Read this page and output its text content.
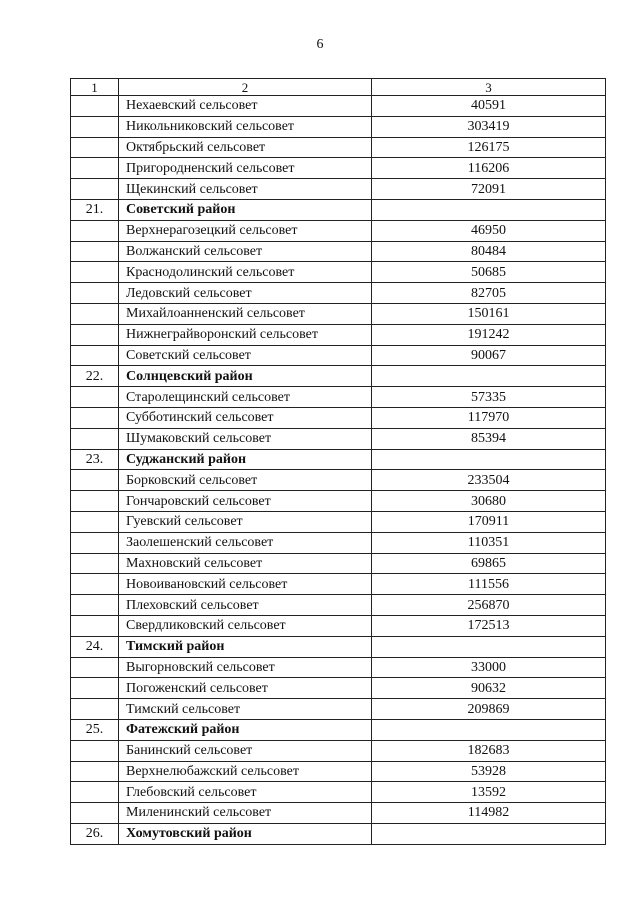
6
1	2	3
	Нехаевский сельсовет	40591
	Никольниковский сельсовет	303419
	Октябрьский сельсовет	126175
	Пригородненский сельсовет	116206
	Щекинский сельсовет	72091
21.	Советский район	
	Верхнерагозецкий сельсовет	46950
	Волжанский сельсовет	80484
	Краснодолинский сельсовет	50685
	Ледовский сельсовет	82705
	Михайлоанненский сельсовет	150161
	Нижнеграйворонский сельсовет	191242
	Советский сельсовет	90067
22.	Солнцевский район	
	Старолещинский сельсовет	57335
	Субботинский сельсовет	117970
	Шумаковский сельсовет	85394
23.	Суджанский район	
	Борковский сельсовет	233504
	Гончаровский сельсовет	30680
	Гуевский сельсовет	170911
	Заолешенский сельсовет	110351
	Махновский сельсовет	69865
	Новоивановский сельсовет	111556
	Плеховский сельсовет	256870
	Свердликовский сельсовет	172513
24.	Тимский район	
	Выгорновский сельсовет	33000
	Погоженский сельсовет	90632
	Тимский сельсовет	209869
25.	Фатежский район	
	Банинский сельсовет	182683
	Верхнелюбажский сельсовет	53928
	Глебовский сельсовет	13592
	Миленинский сельсовет	114982
26.	Хомутовский район	
